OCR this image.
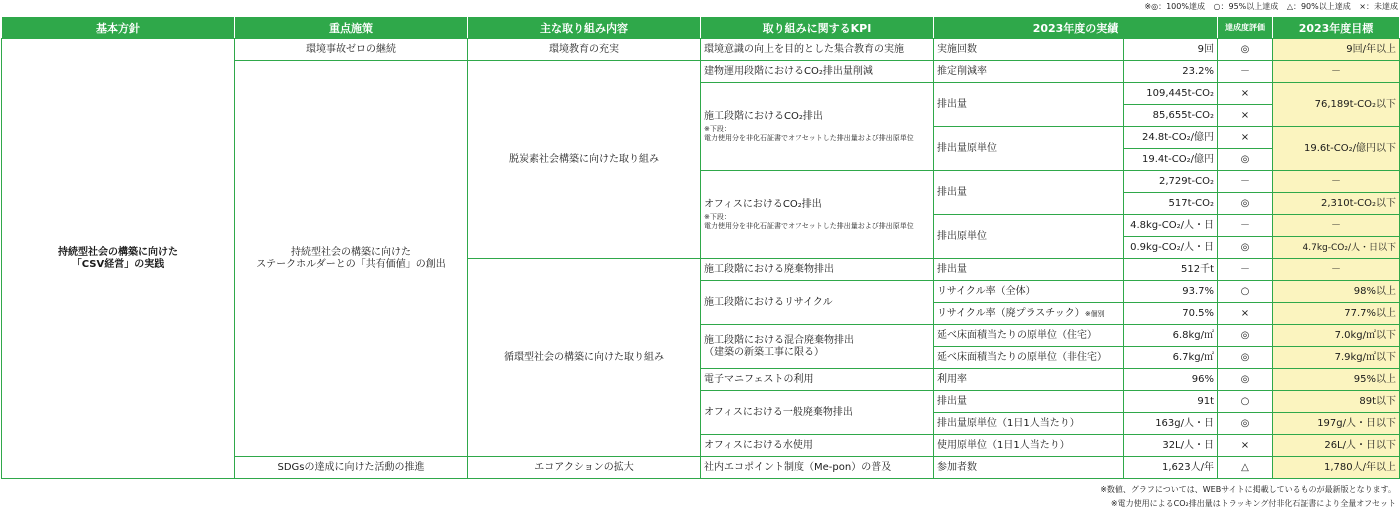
※◎：100%達成 ○：95%以上達成 △：90%以上達成 ×：未達成
基本方針	重点施策	主な取り組み内容	取り組みに関するKPI	2023年度の実績		達成度評価	2023年度目標
持続型社会の構築に向けた
「CSV経営」の実践	環境事故ゼロの継続	環境教育の充実	環境意識の向上を目的とした集合教育の実施	実施回数	9回	◎	9回/年以上
	持続型社会の構築に向けた
ステークホルダーとの「共有価値」の創出	脱炭素社会構築に向けた取り組み	建物運用段階におけるCO₂排出量削減	推定削減率	23.2%	－	－
			施工段階におけるCO₂排出
※下段：
電力使用分を非化石証書でオフセットした排出量および排出原単位	排出量	109,445t-CO₂	×	76,189t-CO₂以下
					85,655t-CO₂	×	
				排出量原単位	24.8t-CO₂/億円	×	19.6t-CO₂/億円以下
					19.4t-CO₂/億円	◎	
			オフィスにおけるCO₂排出
※下段：
電力使用分を非化石証書でオフセットした排出量および排出原単位	排出量	2,729t-CO₂	－	－
					517t-CO₂	◎	2,310t-CO₂以下
				排出原単位	4.8kg-CO₂/人・日	－	－
					0.9kg-CO₂/人・日	◎	4.7kg-CO₂/人・日以下
		循環型社会の構築に向けた取り組み	施工段階における廃棄物排出	排出量	512千t	－	－
			施工段階におけるリサイクル	リサイクル率（全体）	93.7%	○	98%以上
				リサイクル率（廃プラスチック）※個別	70.5%	×	77.7%以上
			施工段階における混合廃棄物排出
（建築の新築工事に限る）	延べ床面積当たりの原単位（住宅）	6.8kg/㎡	◎	7.0kg/㎡以下
				延べ床面積当たりの原単位（非住宅）	6.7kg/㎡	◎	7.9kg/㎡以下
			電子マニフェストの利用	利用率	96%	◎	95%以上
			オフィスにおける一般廃棄物排出	排出量	91t	○	89t以下
				排出量原単位（1日1人当たり）	163g/人・日	◎	197g/人・日以下
			オフィスにおける水使用	使用原単位（1日1人当たり）	32L/人・日	×	26L/人・日以下
	SDGsの達成に向けた活動の推進	エコアクションの拡大	社内エコポイント制度（Me-pon）の普及	参加者数	1,623人/年	△	1,780人/年以上
※数値、グラフについては、WEBサイトに掲載しているものが最新版となります。
※電力使用によるCO₂排出量はトラッキング付非化石証書により全量オフセット
